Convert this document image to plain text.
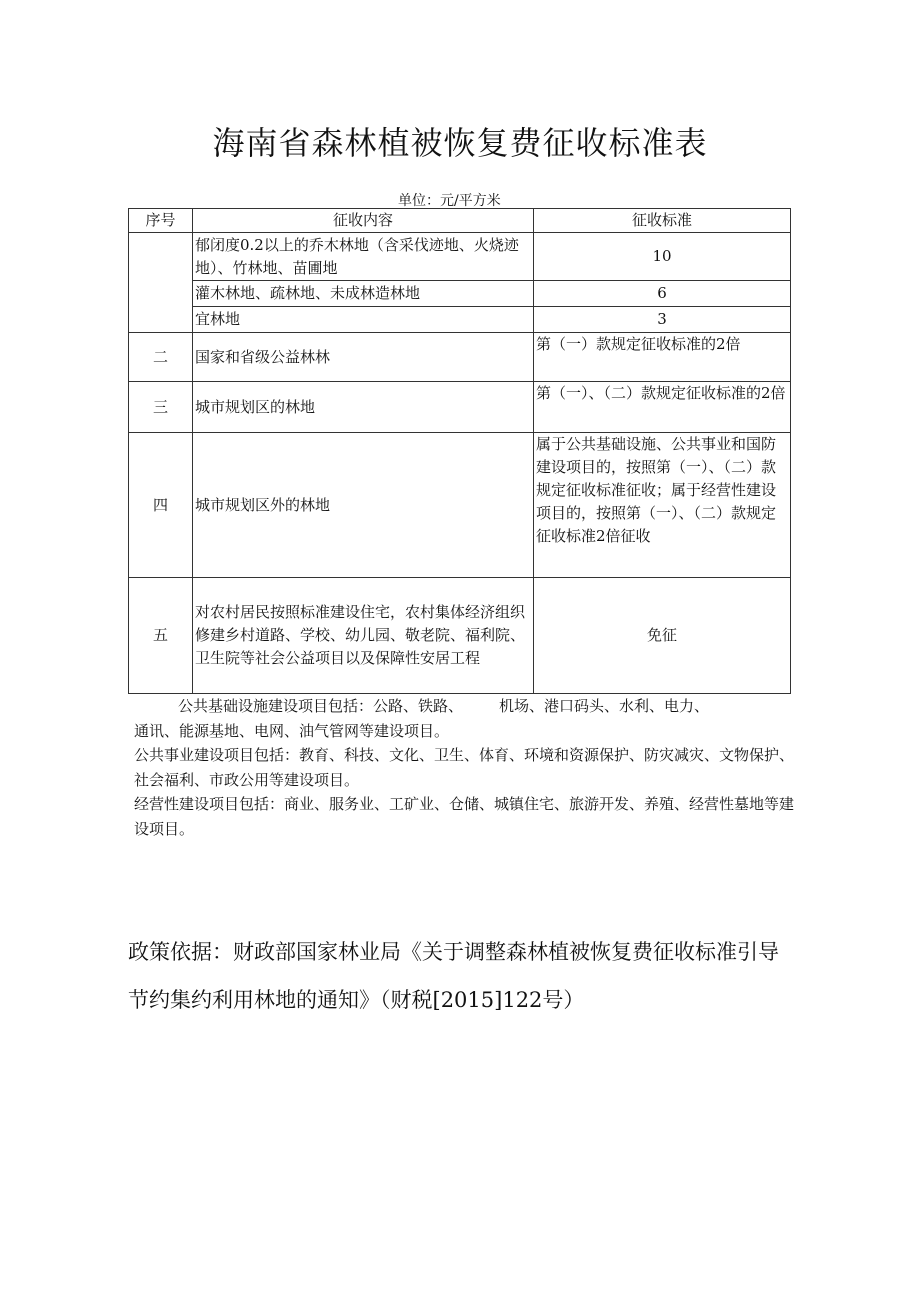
海南省森林植被恢复费征收标准表
单位：元/平方米
序号	征收内容	征收标准
	郁闭度0.2以上的乔木林地（含采伐迹地、火烧迹地）、竹林地、苗圃地	10
	灌木林地、疏林地、未成林造林地	6
	宜林地	3
二	国家和省级公益林林	第（一）款规定征收标准的2倍
三	城市规划区的林地	第（一）、（二）款规定征收标准的2倍
四	城市规划区外的林地	属于公共基础设施、公共事业和国防建设项目的，按照第（一）、（二）款规定征收标准征收；属于经营性建设项目的，按照第（一）、（二）款规定征收标准2倍征收
五	对农村居民按照标准建设住宅，农村集体经济组织修建乡村道路、学校、幼儿园、敬老院、福利院、卫生院等社会公益项目以及保障性安居工程	免征

公共基础设施建设项目包括：公路、铁路、 机场、港口码头、水利、电力、

通讯、能源基地、电网、油气管网等建设项目。

公共事业建设项目包括：教育、科技、文化、卫生、体育、环境和资源保护、防灾减灾、文物保护、社会福利、市政公用等建设项目。

经营性建设项目包括：商业、服务业、工矿业、仓储、城镇住宅、旅游开发、养殖、经营性墓地等建设项目。

政策依据：财政部国家林业局《关于调整森林植被恢复费征收标准引导节约集约利用林地的通知》（财税[2015]122号）
